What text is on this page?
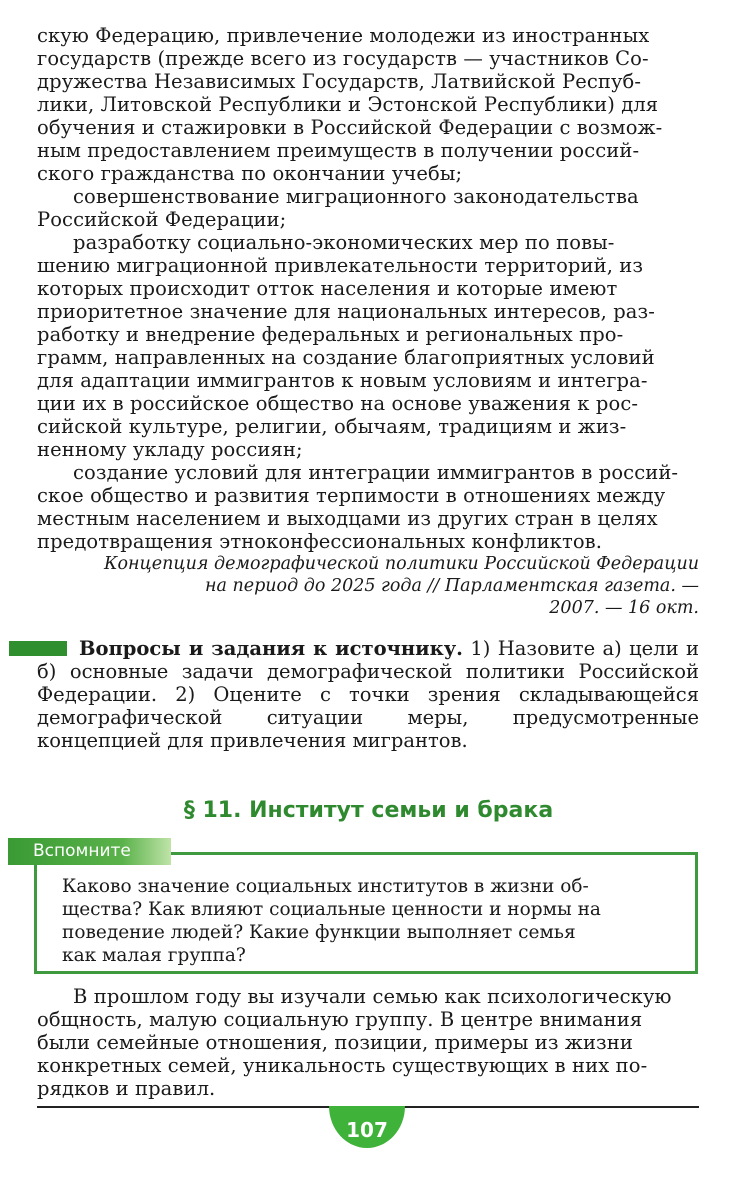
скую Федерацию, привлечение молодежи из иностранных
государств (прежде всего из государств — участников Со-
дружества Независимых Государств, Латвийской Респуб-
лики, Литовской Республики и Эстонской Республики) для
обучения и стажировки в Российской Федерации с возмож-
ным предоставлением преимуществ в получении россий-
ского гражданства по окончании учебы;

совершенствование миграционного законодательства
Российской Федерации;

разработку социально-экономических мер по повы-
шению миграционной привлекательности территорий, из
которых происходит отток населения и которые имеют
приоритетное значение для национальных интересов, раз-
работку и внедрение федеральных и региональных про-
грамм, направленных на создание благоприятных условий
для адаптации иммигрантов к новым условиям и интегра-
ции их в российское общество на основе уважения к рос-
сийской культуре, религии, обычаям, традициям и жиз-
ненному укладу россиян;

создание условий для интеграции иммигрантов в россий-
ское общество и развития терпимости в отношениях между
местным населением и выходцами из других стран в целях
предотвращения этноконфессиональных конфликтов.

Концепция демографической политики Российской Федерации
на период до 2025 года // Парламентская газета. —
2007. — 16 окт.

Вопросы и задания к источнику. 1) Назовите а) цели и б) основные задачи демографической политики Российской Федерации. 2) Оцените с точки зрения складывающейся демографической ситуации меры, предусмотренные концепцией для привлечения мигрантов.

§ 11. Институт семьи и брака

Каково значение социальных институтов в жизни об-
щества? Как влияют социальные ценности и нормы на
поведение людей? Какие функции выполняет семья
как малая группа?

Вспомните

В прошлом году вы изучали семью как психологическую
общность, малую социальную группу. В центре внимания
были семейные отношения, позиции, примеры из жизни
конкретных семей, уникальность существующих в них по-
рядков и правил.

107
